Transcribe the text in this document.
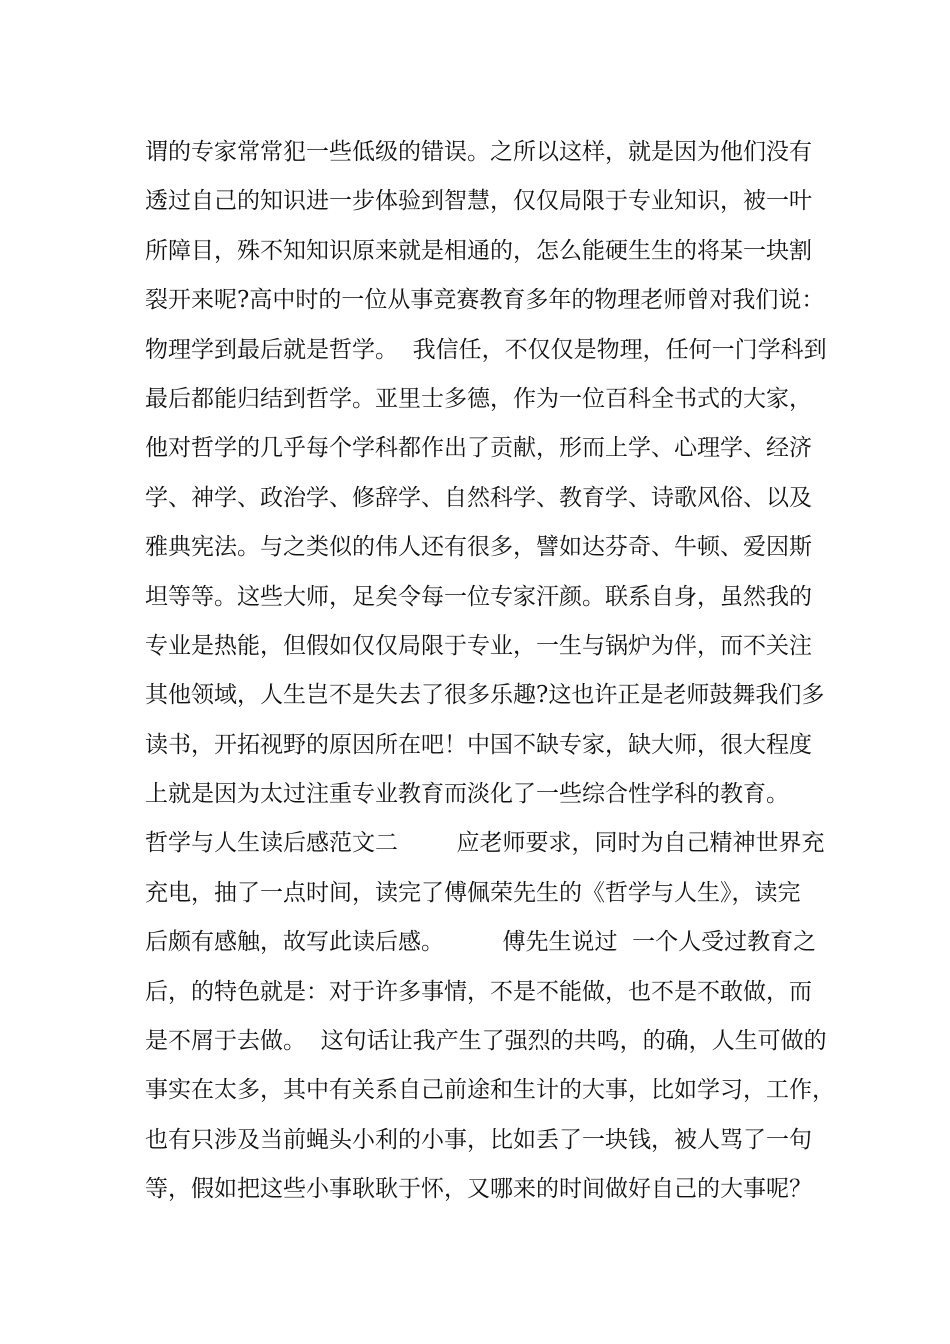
谓的专家常常犯一些低级的错误。之所以这样，就是因为他们没有
透过自己的知识进一步体验到智慧，仅仅局限于专业知识，被一叶
所障目，殊不知知识原来就是相通的，怎么能硬生生的将某一块割
裂开来呢?高中时的一位从事竞赛教育多年的物理老师曾对我们说：
物理学到最后就是哲学。  我信任，不仅仅是物理，任何一门学科到
最后都能归结到哲学。亚里士多德，作为一位百科全书式的大家，
他对哲学的几乎每个学科都作出了贡献，形而上学、心理学、经济
学、神学、政治学、修辞学、自然科学、教育学、诗歌风俗、以及
雅典宪法。与之类似的伟人还有很多，譬如达芬奇、牛顿、爱因斯
坦等等。这些大师，足矣令每一位专家汗颜。联系自身，虽然我的
专业是热能，但假如仅仅局限于专业，一生与锅炉为伴，而不关注
其他领域，人生岂不是失去了很多乐趣?这也许正是老师鼓舞我们多
读书，开拓视野的原因所在吧！中国不缺专家，缺大师，很大程度
上就是因为太过注重专业教育而淡化了一些综合性学科的教育。
哲学与人生读后感范文二        应老师要求，同时为自己精神世界充
充电，抽了一点时间，读完了傅佩荣先生的《哲学与人生》，读完
后颇有感触，故写此读后感。        傅先生说过  一个人受过教育之
后，的特色就是：对于许多事情，不是不能做，也不是不敢做，而
是不屑于去做。  这句话让我产生了强烈的共鸣，的确，人生可做的
事实在太多，其中有关系自己前途和生计的大事，比如学习，工作，
也有只涉及当前蝇头小利的小事，比如丢了一块钱，被人骂了一句
等，假如把这些小事耿耿于怀，又哪来的时间做好自己的大事呢？
